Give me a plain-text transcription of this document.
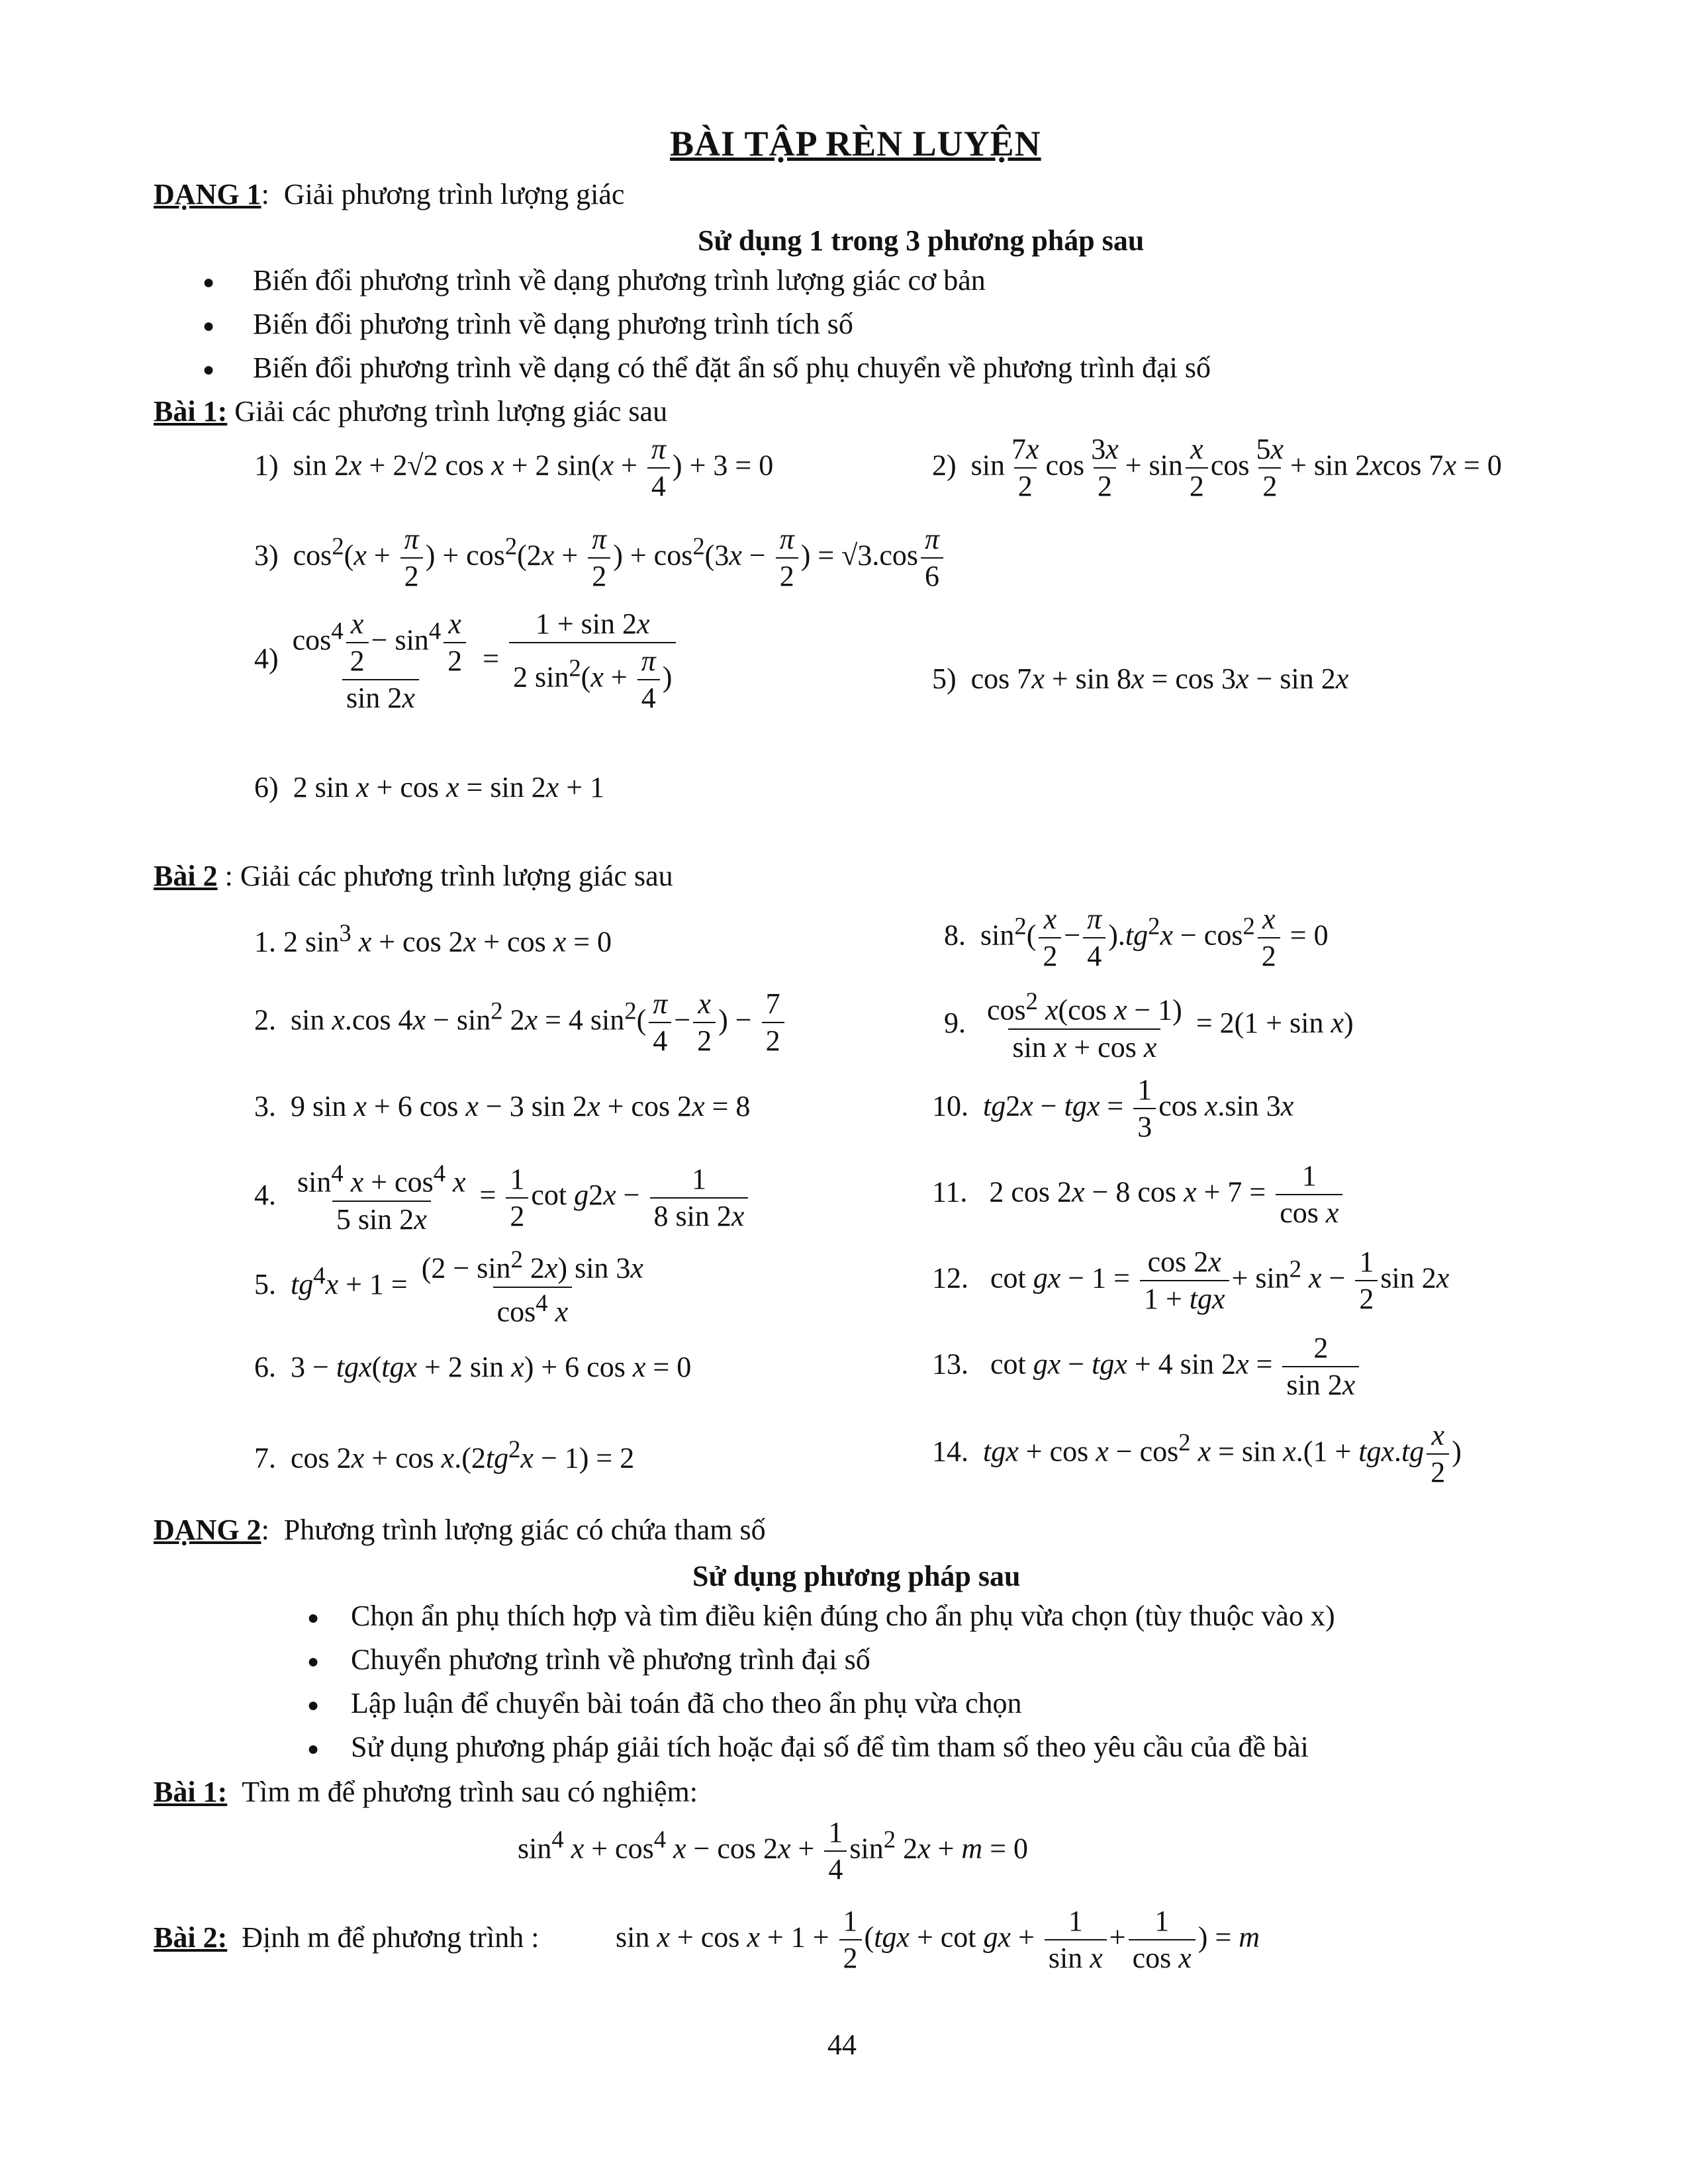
BÀI TẬP RÈN LUYỆN
DẠNG 1: Giải phương trình lượng giác
Sử dụng 1 trong 3 phương pháp sau
● Biến đổi phương trình về dạng phương trình lượng giác cơ bản
● Biến đổi phương trình về dạng phương trình tích số
● Biến đổi phương trình về dạng có thể đặt ẩn số phụ chuyển về phương trình đại số
Bài 1: Giải các phương trình lượng giác sau
1)  sin 2x + 2√2 cos x + 2 $\sin(x + \frac{\pi}{4}$ ) + 3 = 0	2)  $\sin \frac{7x}{2}$ $\cos \frac{3x}{2} + \sin \frac{x}{2}$ $\cos \frac{5x}{2} + \sin 2xcos$ 7x = 0
3)  $\cos^2(x + \frac{\pi}{2}$ ) + $\cos^2(2x + \frac{\pi}{2}$ ) + $\cos^2(3x - \frac{\pi}{2}$ ) = $√3.\cos \frac{\pi}{6}$
$4) \frac{\cos^4 \frac{x}{2} - \sin^4 \frac{x}{2}}{\sin 2x} = \frac{1 + \sin 2x}{2 \sin^2(x + \frac{\pi}{4} )}$	5)  cos 7x + sin 8x = cos 3x − sin 2x
6)  2 sin x + cos x = sin 2x + 1
Bài 2 : Giải các phương trình lượng giác sau
1. 2 $\sin^3 x + \cos 2x + \cos x = 0$	8.  $\sin^2( \frac{x}{2} - \frac{\pi}{4} ).tg^2x - \cos^2 \frac{x}{2} = 0$
2.  sin x.cos $4x - \sin^2 2x = 4$ $\sin^2( \frac{\pi}{4} - \frac{x}{2}$ ) − $\frac{7}{2}$	9. $\frac{\cos^2 x(\cos x - 1)}{\text{sin x + cos x}} = 2(1 + \sin x)$
3.  9 sin x + 6 cos x − 3 sin 2x + cos 2x = 8	10.  tg2x − tgx = $\frac{1}{3}$ cos x.sin 3x
4. $\frac{\sin^4 x + \cos^4 x}{5 \sin 2x} = \frac{1}{2}$ $\cot g2x - \frac{1}{8 \sin 2x}$	11.   2 cos 2x − 8 $\cos x + 7 = \frac{1}{\text{cos x}}$
5.  $tg^4x + 1 = \frac{(2 - \sin^2 2x) \sin 3x}{\cos^4 x}$	12.   cot gx − $1 = \frac{\cos 2x}{\text{1 + tgx}} + \sin^2 x - \frac{1}{2}$ sin 2x
6.  3 − tgx(tgx + 2 sin x) + 6 cos x = 0	13.   cot gx − tgx + 4 $\sin 2x = \frac{2}{\sin 2x}$
7.  $\cos 2x + \cos x.(2tg^2x - 1) = 2$	14.  tgx + $\cos x - \cos^2 x = \sin x.(1 + tgx.tg \frac{x}{2}$ )
DẠNG 2: Phương trình lượng giác có chứa tham số
Sử dụng phương pháp sau
● Chọn ẩn phụ thích hợp và tìm điều kiện đúng cho ẩn phụ vừa chọn (tùy thuộc vào x)
● Chuyển phương trình về phương trình đại số
● Lập luận để chuyển bài toán đã cho theo ẩn phụ vừa chọn
● Sử dụng phương pháp giải tích hoặc đại số để tìm tham số theo yêu cầu của đề bài
Bài 1: Tìm m để phương trình sau có nghiệm:
$\sin^4 x + \cos^4 x - \cos 2x + \frac{1}{4} \sin^2 2x + m = 0$
Bài 2: Định m để phương trình :	$\sin x + \cos x + 1 + \frac{1}{2} (tgx + \cot$ gx + $\frac{1}{\text{sin x}} + \frac{1}{\text{cos x}}$ ) = m
44
